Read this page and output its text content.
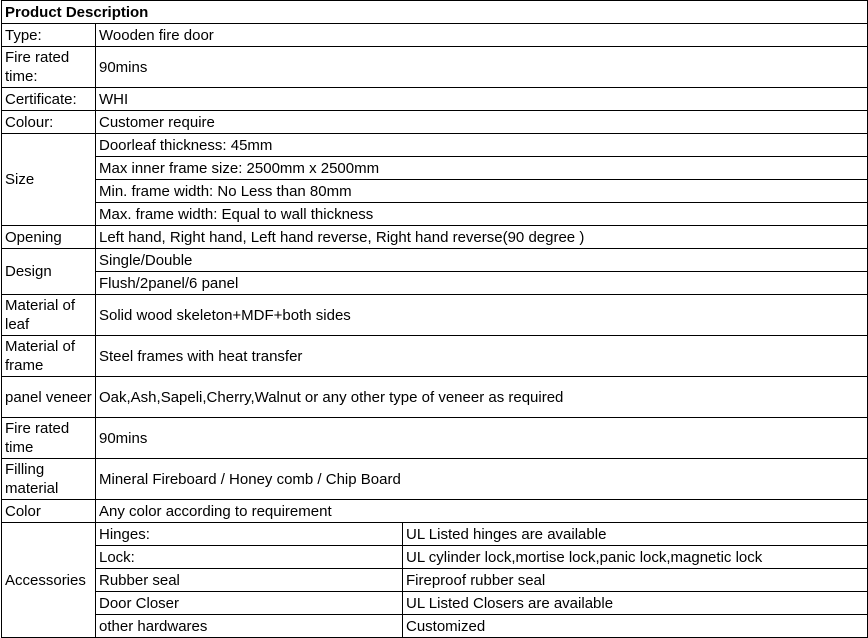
Product Description		
Type:	Wooden fire door	
Fire rated time:	90mins	
Certificate:	WHI	
Colour:	Customer require	
Size	Doorleaf thickness: 45mm	
	Max inner frame size: 2500mm x 2500mm	
	Min. frame width: No Less than 80mm	
	Max. frame width: Equal to wall thickness	
Opening	Left hand, Right hand, Left hand reverse, Right hand reverse(90 degree )	
Design	Single/Double	
	Flush/2panel/6 panel	
Material of leaf	Solid wood skeleton+MDF+both sides	
Material of frame	Steel frames with heat transfer	
panel veneer	Oak,Ash,Sapeli,Cherry,Walnut or any other type of veneer as required	
Fire rated time	90mins	
Filling material	Mineral Fireboard / Honey comb / Chip Board	
Color	Any color according to requirement	
Accessories	Hinges:	UL Listed hinges are available
	Lock:	UL cylinder lock,mortise lock,panic lock,magnetic lock
	Rubber seal	Fireproof rubber seal
	Door Closer	UL Listed Closers are available
	other hardwares	Customized
